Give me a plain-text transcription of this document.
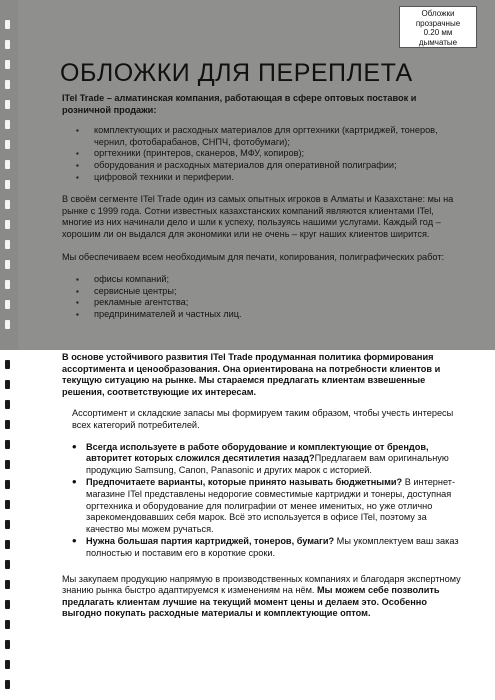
Обложки
прозрачные
0.20 мм
дымчатые
ОБЛОЖКИ ДЛЯ ПЕРЕПЛЕТА

ITel Trade – алматинская компания, работающая в сфере оптовых поставок и розничной продажи:

▪ комплектующих и расходных материалов для оргтехники (картриджей, тонеров, чернил, фотобарабанов, СНПЧ, фотобумаги);
▪ оргтехники (принтеров, сканеров, МФУ, копиров);
▪ оборудования и расходных материалов для оперативной полиграфии;
▪ цифровой техники и периферии.

В своём сегменте ITel Trade один из самых опытных игроков в Алматы и Казахстане: мы на рынке с 1999 года. Сотни известных казахстанских компаний являются клиентами ITel, многие из них начинали дело и шли к успеху, пользуясь нашими услугами. Каждый год – хорошим ли он выдался для экономики или не очень – круг наших клиентов ширится.

Мы обеспечиваем всем необходимым для печати, копирования, полиграфических работ:

▪ офисы компаний;
▪ сервисные центры;
▪ рекламные агентства;
▪ предпринимателей и частных лиц.

В основе устойчивого развития ITel Trade продуманная политика формирования ассортимента и ценообразования. Она ориентирована на потребности клиентов и текущую ситуацию на рынке. Мы стараемся предлагать клиентам взвешенные решения, соответствующие их интересам.

Ассортимент и складские запасы мы формируем таким образом, чтобы учесть интересы всех категорий потребителей.

• Всегда используете в работе оборудование и комплектующие от брендов, авторитет которых сложился десятилетия назад?Предлагаем вам оригинальную продукцию Samsung, Canon, Panasonic и других марок с историей.
• Предпочитаете варианты, которые принято называть бюджетными? В интернет-магазине ITel представлены недорогие совместимые картриджи и тонеры, доступная оргтехника и оборудование для полиграфии от менее именитых, но уже отлично зарекомендовавших себя марок. Всё это используется в офисе ITel, поэтому за качество мы можем ручаться.
• Нужна большая партия картриджей, тонеров, бумаги? Мы укомплектуем ваш заказ полностью и поставим его в короткие сроки.

Мы закупаем продукцию напрямую в производственных компаниях и благодаря экспертному знанию рынка быстро адаптируемся к изменениям на нём. Мы можем себе позволить предлагать клиентам лучшие на текущий момент цены и делаем это. Особенно выгодно покупать расходные материалы и комплектующие оптом.
